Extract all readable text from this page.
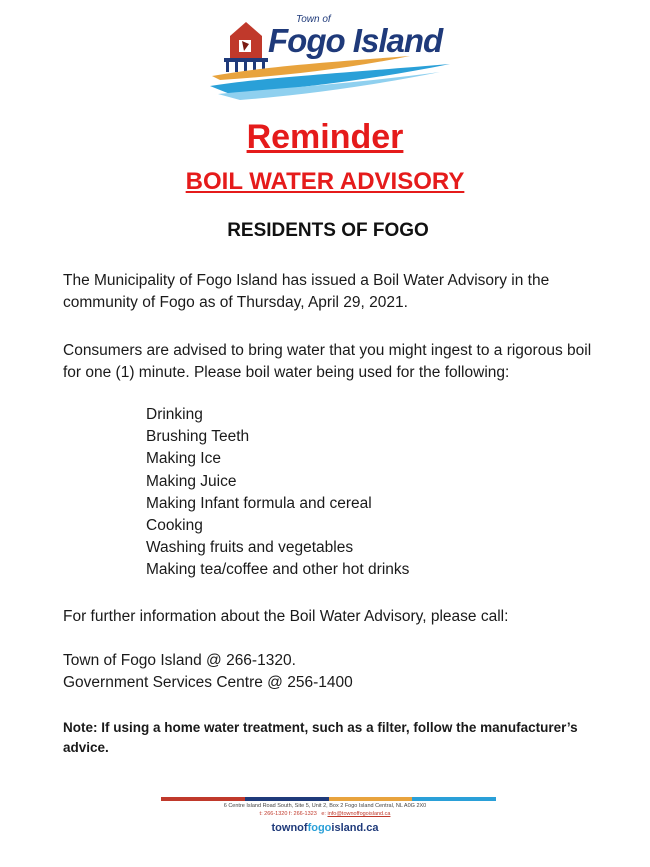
Town of
Fogo Island
Reminder
BOIL WATER ADVISORY
RESIDENTS OF FOGO
The Municipality of Fogo Island has issued a Boil Water Advisory in the community of Fogo as of Thursday, April 29, 2021.
Consumers are advised to bring water that you might ingest to a rigorous boil for one (1) minute. Please boil water being used for the following:
Drinking
Brushing Teeth
Making Ice
Making Juice
Making Infant formula and cereal
Cooking
Washing fruits and vegetables
Making tea/coffee and other hot drinks
For further information about the Boil Water Advisory, please call:
Town of Fogo Island @ 266-1320.
Government Services Centre @ 256-1400
Note: If using a home water treatment, such as a filter, follow the manufacturer’s advice.
6 Centre Island Road South, Site 5, Unit 2, Box 2 Fogo Island Central, NL A0G 2X0
t: 266-1320 f: 266-1323 e: info@townoffogoisland.ca
townoffogoisland.ca
